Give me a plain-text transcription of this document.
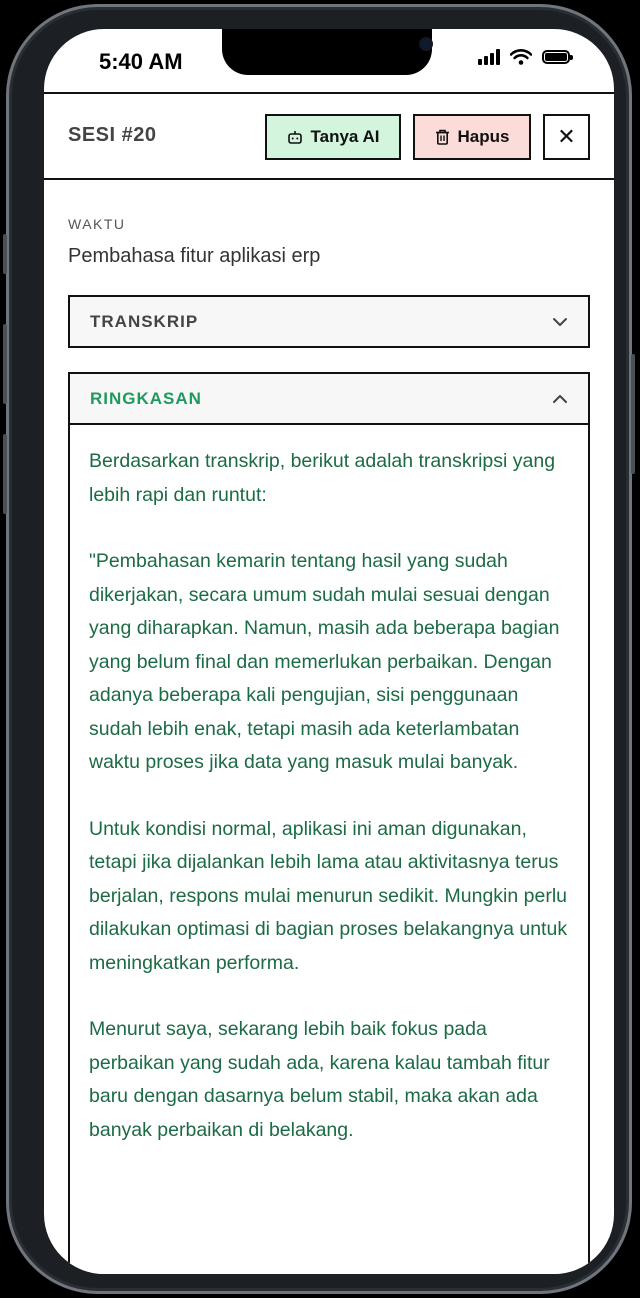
5:40 AM
SESI #20	Tanya AI	Hapus ✕
WAKTU
Pembahasa fitur aplikasi erp
TRANSKRIP
RINGKASAN

Berdasarkan transkrip, berikut adalah transkripsi yang lebih rapi dan runtut:

"Pembahasan kemarin tentang hasil yang sudah dikerjakan, secara umum sudah mulai sesuai dengan yang diharapkan. Namun, masih ada beberapa bagian yang belum final dan memerlukan perbaikan. Dengan adanya beberapa kali pengujian, sisi penggunaan sudah lebih enak, tetapi masih ada keterlambatan waktu proses jika data yang masuk mulai banyak.

Untuk kondisi normal, aplikasi ini aman digunakan, tetapi jika dijalankan lebih lama atau aktivitasnya terus berjalan, respons mulai menurun sedikit. Mungkin perlu dilakukan optimasi di bagian proses belakangnya untuk meningkatkan performa.

Menurut saya, sekarang lebih baik fokus pada perbaikan yang sudah ada, karena kalau tambah fitur baru dengan dasarnya belum stabil, maka akan ada banyak perbaikan di belakang.
